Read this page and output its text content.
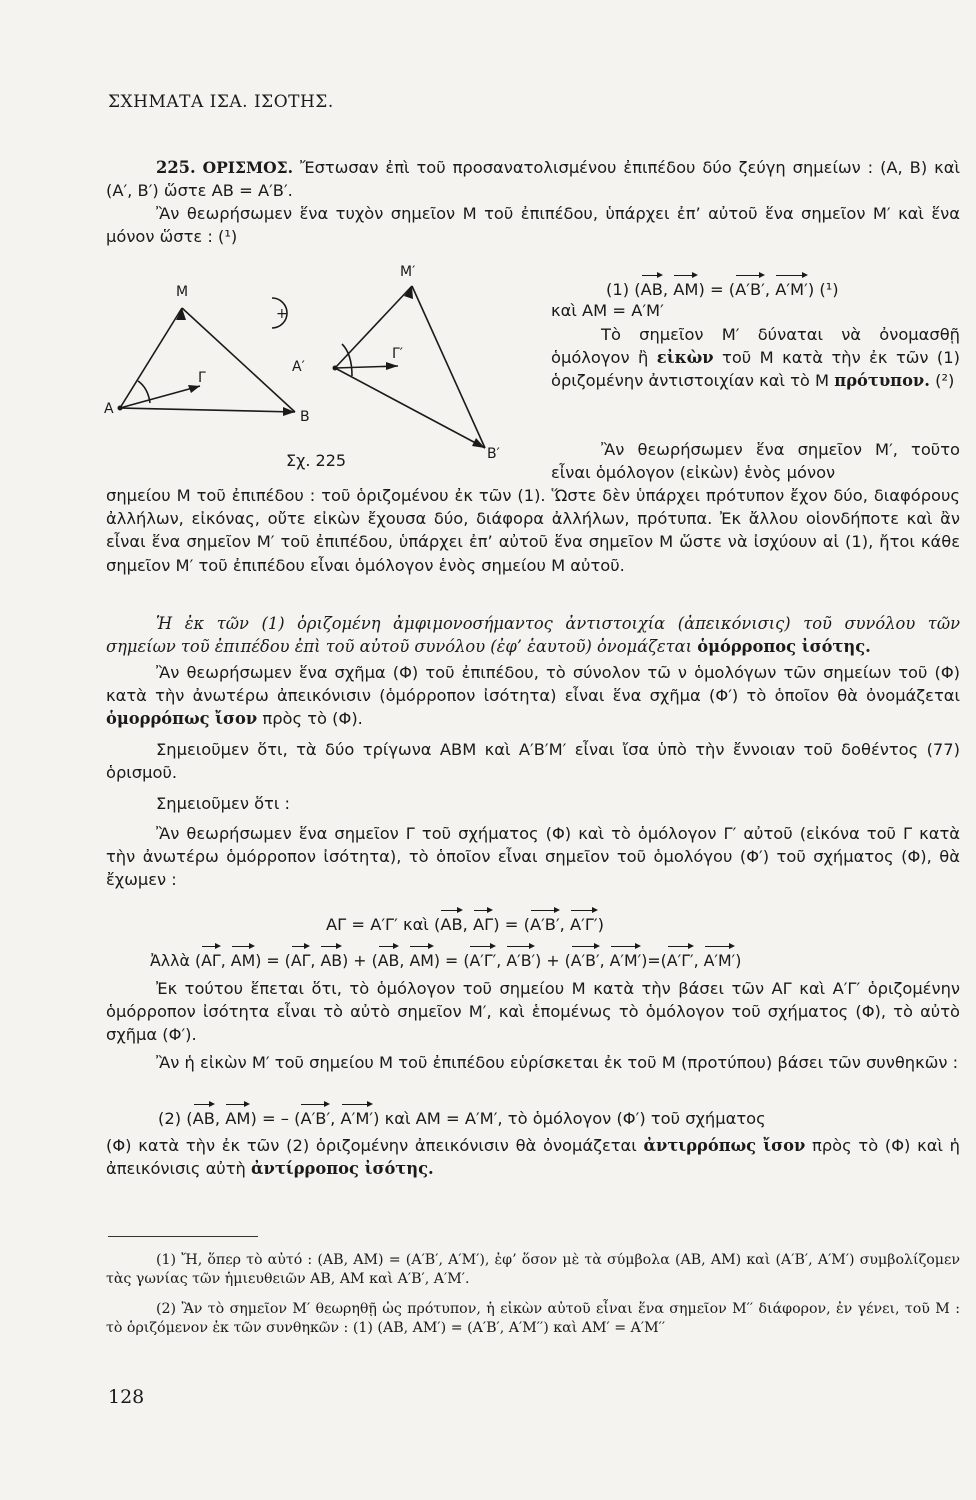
ΣΧΗΜΑΤΑ ΙΣΑ. ΙΣΟΤΗΣ.
225. ΟΡΙΣΜΟΣ. Ἔστωσαν ἐπὶ τοῦ προσανατολισμένου ἐπιπέδου δύο ζεύγη σημείων : (A, B) καὶ (A′, B′) ὥστε AB = A′B′.
Ἂν θεωρήσωμεν ἕνα τυχὸν σημεῖον M τοῦ ἐπιπέδου, ὑπάρχει ἐπ’ αὐτοῦ ἕνα σημεῖον M′ καὶ ἕνα μόνον ὥστε : (¹)
A	B
M
Γ
A′
B′
M′
Γ′
+
Σχ. 225
(1) (AB, AM) = (A′B′, A′M′) (¹)
καὶ AM = A′M′
Τὸ σημεῖον M′ δύναται νὰ ὀνομασθῇ ὁμόλογον ἢ εἰκὼν τοῦ M κατὰ τὴν ἐκ τῶν (1) ὁριζομένην ἀντιστοιχίαν καὶ τὸ M πρότυπον. (²)
Ἂν θεωρήσωμεν ἕνα σημεῖον M′, τοῦτο εἶναι ὁμόλογον (εἰκὼν) ἑνὸς μόνον
σημείου M τοῦ ἐπιπέδου : τοῦ ὁριζομένου ἐκ τῶν (1). Ὥστε δὲν ὑπάρχει πρότυπον ἔχον δύο, διαφόρους ἀλλήλων, εἰκόνας, οὔτε εἰκὼν ἔχουσα δύο, διάφορα ἀλλήλων, πρότυπα. Ἐκ ἄλλου οἱονδήποτε καὶ ἂν εἶναι ἕνα σημεῖον M′ τοῦ ἐπιπέδου, ὑπάρχει ἐπ’ αὐτοῦ ἕνα σημεῖον M ὥστε νὰ ἰσχύουν αἱ (1), ἤτοι κάθε σημεῖον M′ τοῦ ἐπιπέδου εἶναι ὁμόλογον ἑνὸς σημείου M αὐτοῦ.
Ἡ ἐκ τῶν (1) ὁριζομένη ἀμφιμονοσήμαντος ἀντιστοιχία (ἀπεικόνισις) τοῦ συνόλου τῶν σημείων τοῦ ἐπιπέδου ἐπὶ τοῦ αὐτοῦ συνόλου (ἐφ’ ἑαυτοῦ) ὀνομάζεται ὁμόρροπος ἰσότης.
Ἂν θεωρήσωμεν ἕνα σχῆμα (Φ) τοῦ ἐπιπέδου, τὸ σύνολον τῶ ν ὁμολόγων τῶν σημείων τοῦ (Φ) κατὰ τὴν ἀνωτέρω ἀπεικόνισιν (ὁμόρροπον ἰσότητα) εἶναι ἕνα σχῆμα (Φ′) τὸ ὁποῖον θὰ ὀνομάζεται ὁμορρόπως ἴσον πρὸς τὸ (Φ).
Σημειοῦμεν ὅτι, τὰ δύο τρίγωνα ABM καὶ A′B′M′ εἶναι ἴσα ὑπὸ τὴν ἔννοιαν τοῦ δοθέντος (77) ὁρισμοῦ.
Σημειοῦμεν ὅτι :
Ἂν θεωρήσωμεν ἕνα σημεῖον Γ τοῦ σχήματος (Φ) καὶ τὸ ὁμόλογον Γ′ αὐτοῦ (εἰκόνα τοῦ Γ κατὰ τὴν ἀνωτέρω ὁμόρροπον ἰσότητα), τὸ ὁποῖον εἶναι σημεῖον τοῦ ὁμολόγου (Φ′) τοῦ σχήματος (Φ), θὰ ἔχωμεν :
AΓ = A′Γ′ καὶ (AB, AΓ) = (A′B′, A′Γ′)
Ἀλλὰ (AΓ, AM) = (AΓ, AB) + (AB, AM) = (A′Γ′, A′B′) + (A′B′, A′M′)=(A′Γ′, A′M′)
Ἐκ τούτου ἕπεται ὅτι, τὸ ὁμόλογον τοῦ σημείου M κατὰ τὴν βάσει τῶν AΓ καὶ A′Γ′ ὁριζομένην ὁμόρροπον ἰσότητα εἶναι τὸ αὐτὸ σημεῖον M′, καὶ ἑπομένως τὸ ὁμόλογον τοῦ σχήματος (Φ), τὸ αὐτὸ σχῆμα (Φ′).
Ἂν ἡ εἰκὼν M′ τοῦ σημείου M τοῦ ἐπιπέδου εὑρίσκεται ἐκ τοῦ M (προτύπου) βάσει τῶν συνθηκῶν :
(2) (AB, AM) = – (A′B′, A′M′) καὶ AM = A′M′, τὸ ὁμόλογον (Φ′) τοῦ σχήματος
(Φ) κατὰ τὴν ἐκ τῶν (2) ὁριζομένην ἀπεικόνισιν θὰ ὀνομάζεται ἀντιρρόπως ἴσον πρὸς τὸ (Φ) καὶ ἡ ἀπεικόνισις αὐτὴ ἀντίρροπος ἰσότης.
(1) Ἤ, ὅπερ τὸ αὐτό : (AB, AM) = (A′B′, A′M′), ἐφ’ ὅσον μὲ τὰ σύμβολα (AB, AM) καὶ (A′B′, A′M′) συμβολίζομεν τὰς γωνίας τῶν ἡμιευθειῶν AB, AM καὶ A′B′, A′M′.
(2) Ἂν τὸ σημεῖον M′ θεωρηθῇ ὡς πρότυπον, ἡ εἰκὼν αὐτοῦ εἶναι ἕνα σημεῖον M′′ διάφορον, ἐν γένει, τοῦ M : τὸ ὁριζόμενον ἐκ τῶν συνθηκῶν : (1) (AB, AM′) = (A′B′, A′M′′) καὶ AM′ = A′M′′
128
